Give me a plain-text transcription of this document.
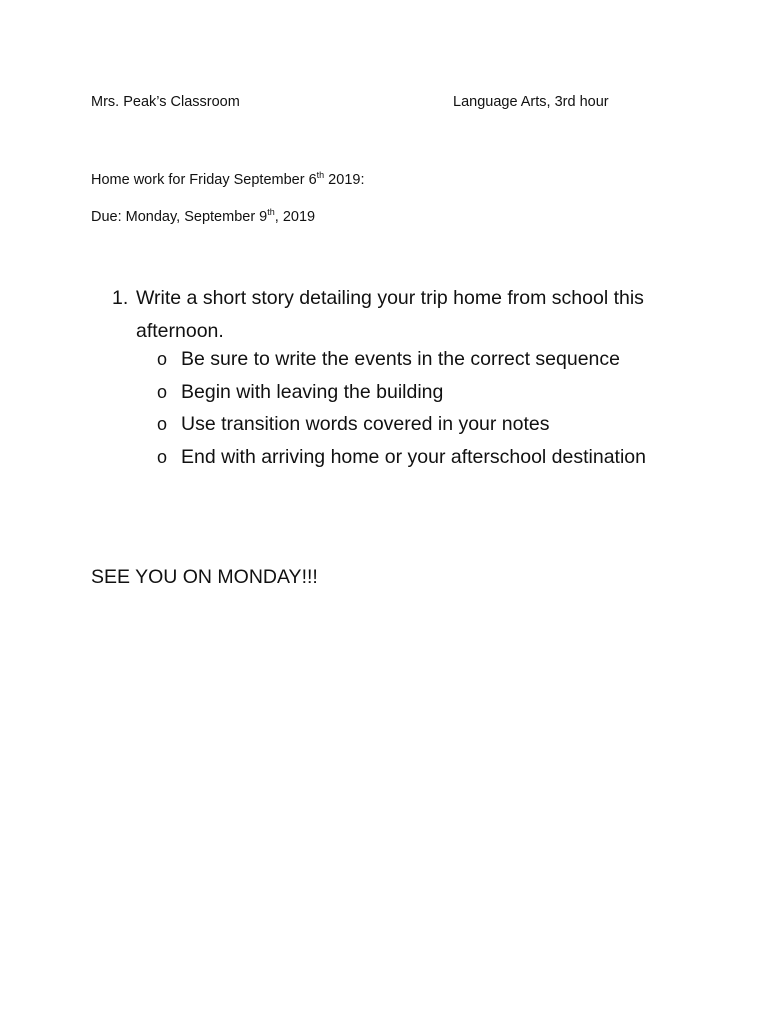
Mrs. Peak’s Classroom	Language Arts, 3rd hour
Home work for Friday September 6th 2019:
Due: Monday, September 9th, 2019
1. Write a short story detailing your trip home from school this afternoon.
o Be sure to write the events in the correct sequence
o Begin with leaving the building
o Use transition words covered in your notes
o End with arriving home or your afterschool destination
SEE YOU ON MONDAY!!!
